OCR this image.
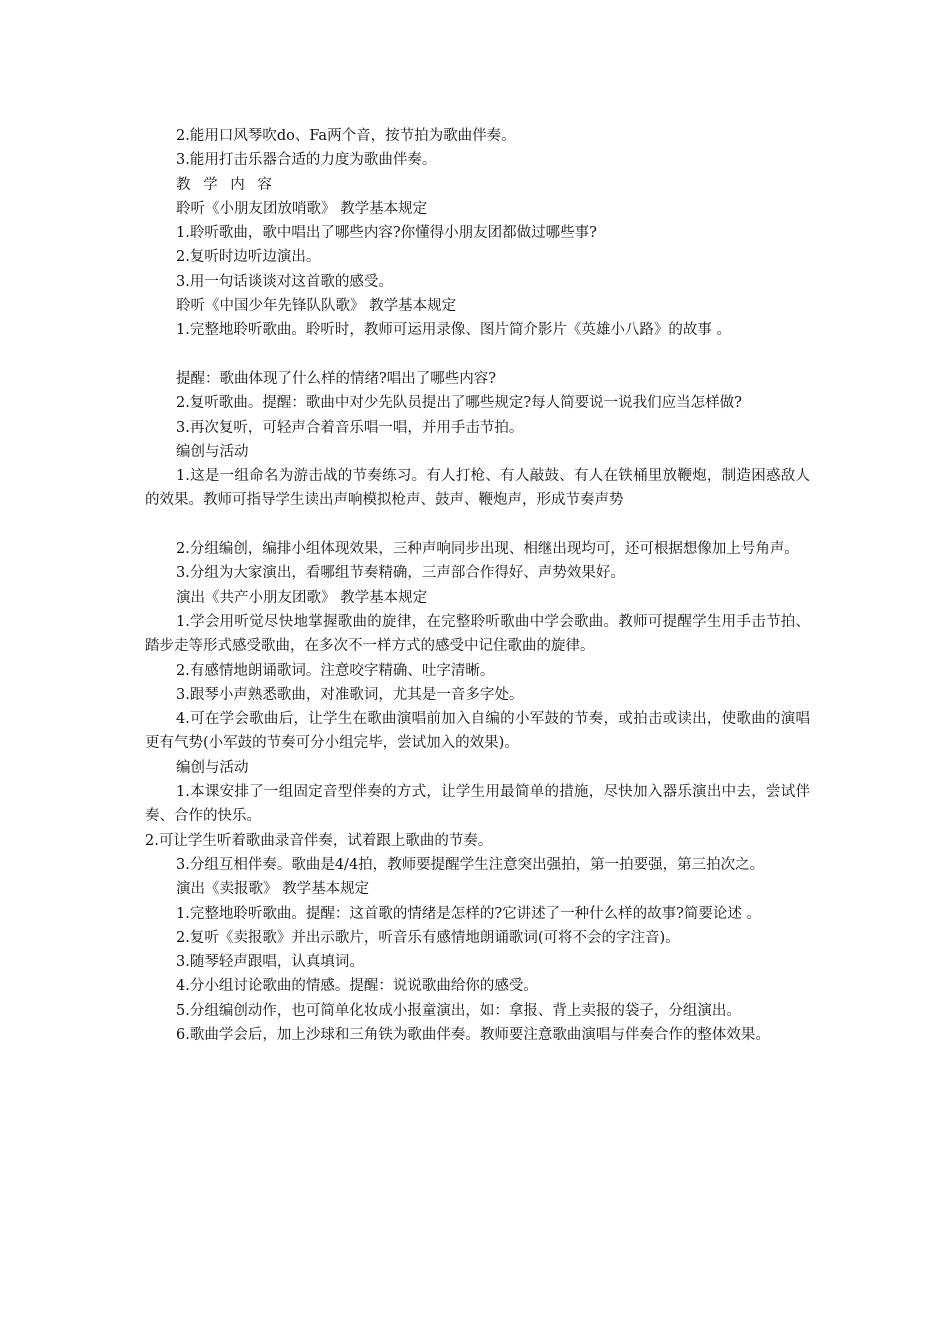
2.能用口风琴吹do、Fa两个音，按节拍为歌曲伴奏。

3.能用打击乐器合适的力度为歌曲伴奏。

教 学 内 容

聆听《小朋友团放哨歌》 教学基本规定

1.聆听歌曲，歌中唱出了哪些内容?你懂得小朋友团都做过哪些事?

2.复听时边听边演出。

3.用一句话谈谈对这首歌的感受。

聆听《中国少年先锋队队歌》 教学基本规定

1.完整地聆听歌曲。聆听时，教师可运用录像、图片简介影片《英雄小八路》的故事 。

提醒：歌曲体现了什么样的情绪?唱出了哪些内容?

2.复听歌曲。提醒：歌曲中对少先队员提出了哪些规定?每人简要说一说我们应当怎样做?

3.再次复听，可轻声合着音乐唱一唱，并用手击节拍。

编创与活动

1.这是一组命名为游击战的节奏练习。有人打枪、有人敲鼓、有人在铁桶里放鞭炮，制造困惑敌人的效果。教师可指导学生读出声响模拟枪声、鼓声、鞭炮声，形成节奏声势

2.分组编创，编排小组体现效果，三种声响同步出现、相继出现均可，还可根据想像加上号角声。

3.分组为大家演出，看哪组节奏精确，三声部合作得好、声势效果好。

演出《共产小朋友团歌》 教学基本规定

1.学会用听觉尽快地掌握歌曲的旋律，在完整聆听歌曲中学会歌曲。教师可提醒学生用手击节拍、踏步走等形式感受歌曲，在多次不一样方式的感受中记住歌曲的旋律。

2.有感情地朗诵歌词。注意咬字精确、吐字清晰。

3.跟琴小声熟悉歌曲，对准歌词，尤其是一音多字处。

4.可在学会歌曲后，让学生在歌曲演唱前加入自编的小军鼓的节奏，或拍击或读出，使歌曲的演唱更有气势(小军鼓的节奏可分小组完毕，尝试加入的效果)。

编创与活动

1.本课安排了一组固定音型伴奏的方式，让学生用最简单的措施，尽快加入器乐演出中去，尝试伴奏、合作的快乐。

2.可让学生听着歌曲录音伴奏，试着跟上歌曲的节奏。

3.分组互相伴奏。歌曲是4/4拍，教师要提醒学生注意突出强拍，第一拍要强，第三拍次之。

演出《卖报歌》 教学基本规定

1.完整地聆听歌曲。提醒：这首歌的情绪是怎样的?它讲述了一种什么样的故事?简要论述 。

2.复听《卖报歌》并出示歌片，听音乐有感情地朗诵歌词(可将不会的字注音)。

3.随琴轻声跟唱，认真填词。

4.分小组讨论歌曲的情感。提醒：说说歌曲给你的感受。

5.分组编创动作，也可简单化妆成小报童演出，如：拿报、背上卖报的袋子，分组演出。

6.歌曲学会后，加上沙球和三角铁为歌曲伴奏。教师要注意歌曲演唱与伴奏合作的整体效果。
